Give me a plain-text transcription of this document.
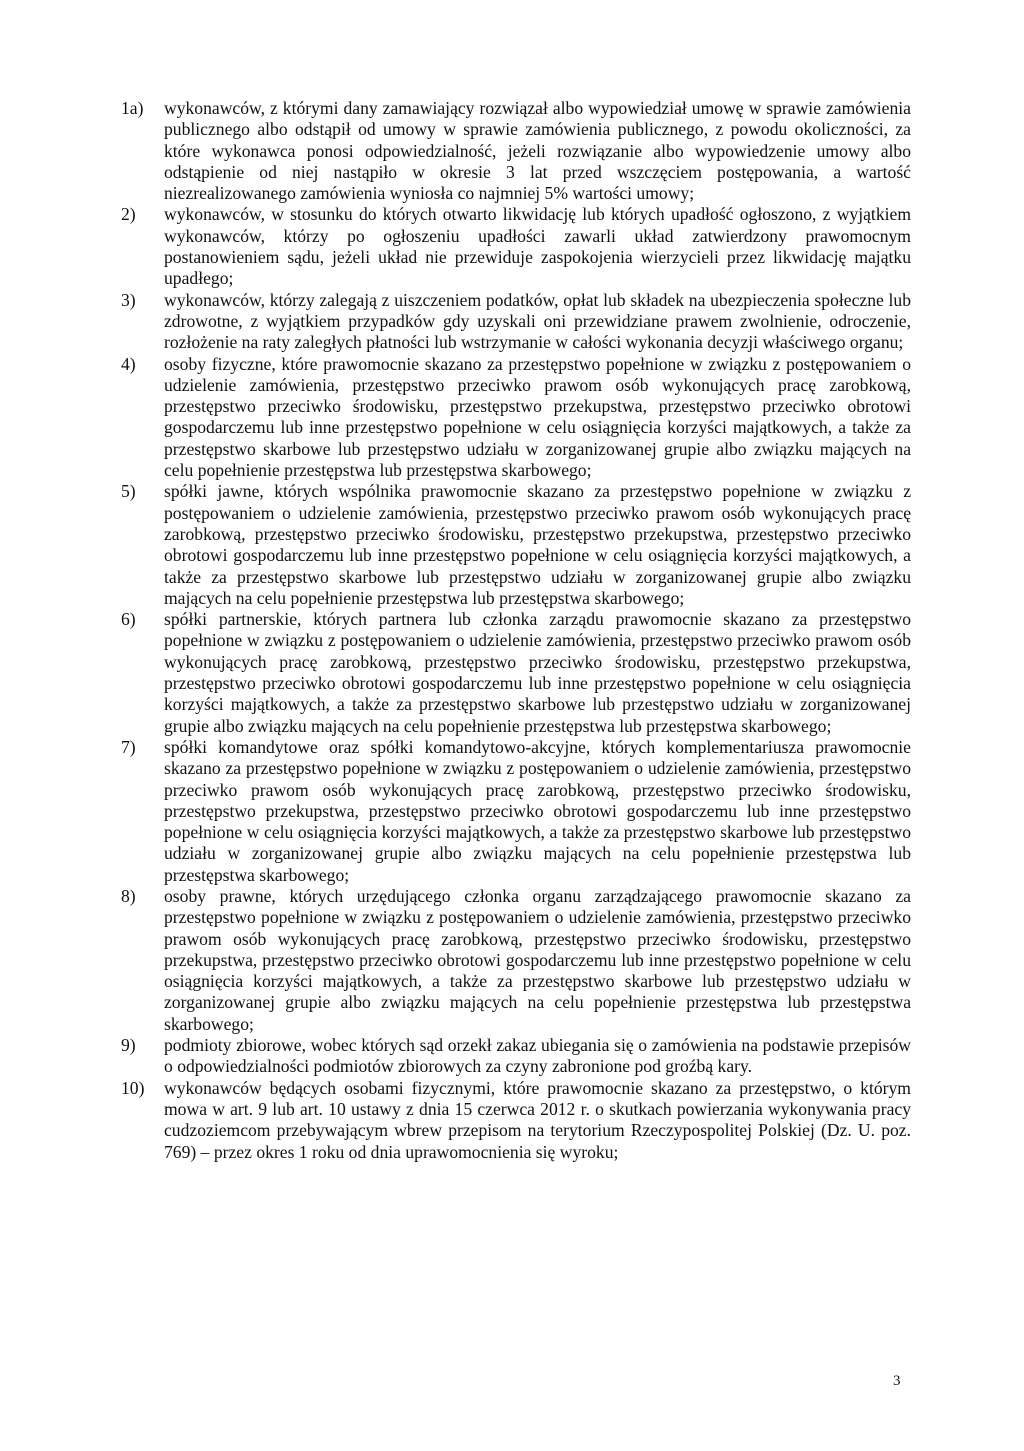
1a)	wykonawców, z którymi dany zamawiający rozwiązał albo wypowiedział umowę w sprawie zamówienia publicznego albo odstąpił od umowy w sprawie zamówienia publicznego, z powodu okoliczności, za które wykonawca ponosi odpowiedzialność, jeżeli rozwiązanie albo wypowiedzenie umowy albo odstąpienie od niej nastąpiło w okresie 3 lat przed wszczęciem postępowania, a wartość niezrealizowanego zamówienia wyniosła co najmniej 5% wartości umowy;
2)	wykonawców, w stosunku do których otwarto likwidację lub których upadłość ogłoszono, z wyjątkiem wykonawców, którzy po ogłoszeniu upadłości zawarli układ zatwierdzony prawomocnym postanowieniem sądu, jeżeli układ nie przewiduje zaspokojenia wierzycieli przez likwidację majątku upadłego;
3)	wykonawców, którzy zalegają z uiszczeniem podatków, opłat lub składek na ubezpieczenia społeczne lub zdrowotne, z wyjątkiem przypadków gdy uzyskali oni przewidziane prawem zwolnienie, odroczenie, rozłożenie na raty zaległych płatności lub wstrzymanie w całości wykonania decyzji właściwego organu;
4)	osoby fizyczne, które prawomocnie skazano za przestępstwo popełnione w związku z postępowaniem o udzielenie zamówienia, przestępstwo przeciwko prawom osób wykonujących pracę zarobkową, przestępstwo przeciwko środowisku, przestępstwo przekupstwa, przestępstwo przeciwko obrotowi gospodarczemu lub inne przestępstwo popełnione w celu osiągnięcia korzyści majątkowych, a także za przestępstwo skarbowe lub przestępstwo udziału w zorganizowanej grupie albo związku mających na celu popełnienie przestępstwa lub przestępstwa skarbowego;
5)	spółki jawne, których wspólnika prawomocnie skazano za przestępstwo popełnione w związku z postępowaniem o udzielenie zamówienia, przestępstwo przeciwko prawom osób wykonujących pracę zarobkową, przestępstwo przeciwko środowisku, przestępstwo przekupstwa, przestępstwo przeciwko obrotowi gospodarczemu lub inne przestępstwo popełnione w celu osiągnięcia korzyści majątkowych, a także za przestępstwo skarbowe lub przestępstwo udziału w zorganizowanej grupie albo związku mających na celu popełnienie przestępstwa lub przestępstwa skarbowego;
6)	spółki partnerskie, których partnera lub członka zarządu prawomocnie skazano za przestępstwo popełnione w związku z postępowaniem o udzielenie zamówienia, przestępstwo przeciwko prawom osób wykonujących pracę zarobkową, przestępstwo przeciwko środowisku, przestępstwo przekupstwa, przestępstwo przeciwko obrotowi gospodarczemu lub inne przestępstwo popełnione w celu osiągnięcia korzyści majątkowych, a także za przestępstwo skarbowe lub przestępstwo udziału w zorganizowanej grupie albo związku mających na celu popełnienie przestępstwa lub przestępstwa skarbowego;
7)	spółki komandytowe oraz spółki komandytowo-akcyjne, których komplementariusza prawomocnie skazano za przestępstwo popełnione w związku z postępowaniem o udzielenie zamówienia, przestępstwo przeciwko prawom osób wykonujących pracę zarobkową, przestępstwo przeciwko środowisku, przestępstwo przekupstwa, przestępstwo przeciwko obrotowi gospodarczemu lub inne przestępstwo popełnione w celu osiągnięcia korzyści majątkowych, a także za przestępstwo skarbowe lub przestępstwo udziału w zorganizowanej grupie albo związku mających na celu popełnienie przestępstwa lub przestępstwa skarbowego;
8)	osoby prawne, których urzędującego członka organu zarządzającego prawomocnie skazano za przestępstwo popełnione w związku z postępowaniem o udzielenie zamówienia, przestępstwo przeciwko prawom osób wykonujących pracę zarobkową, przestępstwo przeciwko środowisku, przestępstwo przekupstwa, przestępstwo przeciwko obrotowi gospodarczemu lub inne przestępstwo popełnione w celu osiągnięcia korzyści majątkowych, a także za przestępstwo skarbowe lub przestępstwo udziału w zorganizowanej grupie albo związku mających na celu popełnienie przestępstwa lub przestępstwa skarbowego;
9)	podmioty zbiorowe, wobec których sąd orzekł zakaz ubiegania się o zamówienia na podstawie przepisów o odpowiedzialności podmiotów zbiorowych za czyny zabronione pod groźbą kary.
10)	wykonawców będących osobami fizycznymi, które prawomocnie skazano za przestępstwo, o którym mowa w art. 9 lub art. 10 ustawy z dnia 15 czerwca 2012 r. o skutkach powierzania wykonywania pracy cudzoziemcom przebywającym wbrew przepisom na terytorium Rzeczypospolitej Polskiej (Dz. U. poz. 769) – przez okres 1 roku od dnia uprawomocnienia się wyroku;
3
